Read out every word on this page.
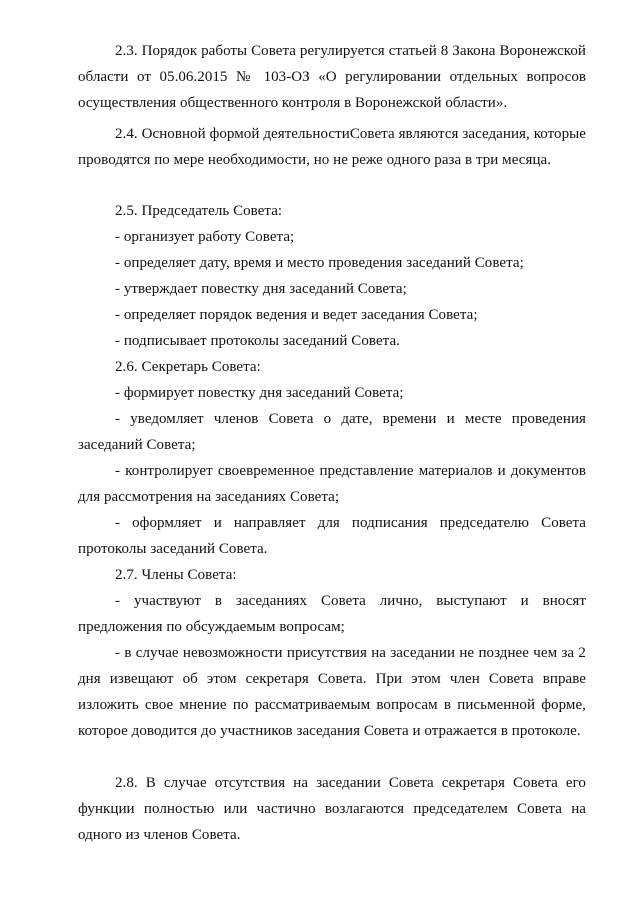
2.3. Порядок работы Совета регулируется статьей 8 Закона Воронежской области от 05.06.2015 № 103-ОЗ «О регулировании отдельных вопросов осуществления общественного контроля в Воронежской области».

2.4. Основной формой деятельностиСовета являются заседания, которые проводятся по мере необходимости, но не реже одного раза в три месяца.

2.5. Председатель Совета:

- организует работу Совета;

- определяет дату, время и место проведения заседаний Совета;

- утверждает повестку дня заседаний Совета;

- определяет порядок ведения и ведет заседания Совета;

- подписывает протоколы заседаний Совета.

2.6. Секретарь Совета:

- формирует повестку дня заседаний Совета;

- уведомляет членов Совета о дате, времени и месте проведения заседаний Совета;

- контролирует своевременное представление материалов и документов для рассмотрения на заседаниях Совета;

- оформляет и направляет для подписания председателю Совета протоколы заседаний Совета.

2.7. Члены Совета:

- участвуют в заседаниях Совета лично, выступают и вносят предложения по обсуждаемым вопросам;

- в случае невозможности присутствия на заседании не позднее чем за 2 дня извещают об этом секретаря Совета. При этом член Совета вправе изложить свое мнение по рассматриваемым вопросам в письменной форме, которое доводится до участников заседания Совета и отражается в протоколе.

2.8. В случае отсутствия на заседании Совета секретаря Совета его функции полностью или частично возлагаются председателем Совета на одного из членов Совета.
